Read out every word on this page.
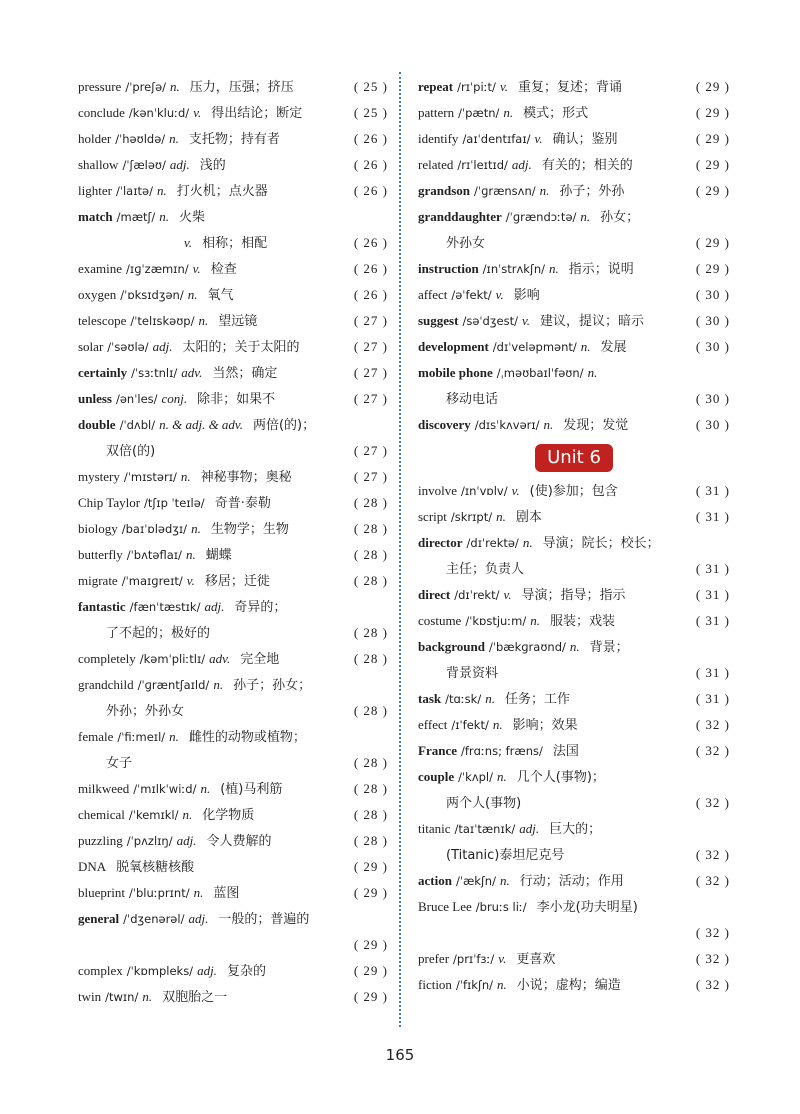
pressure /ˈpreʃə/ n. 压力，压强；挤压	( 25 )
conclude /kənˈkluːd/ v. 得出结论；断定	( 25 )
holder /ˈhəʊldə/ n. 支托物；持有者	( 26 )
shallow /ˈʃæləʊ/ adj. 浅的	( 26 )
lighter /ˈlaɪtə/ n. 打火机；点火器	( 26 )
match /mætʃ/ n. 火柴
v. 相称；相配	( 26 )
examine /ɪɡˈzæmɪn/ v. 检查	( 26 )
oxygen /ˈɒksɪdʒən/ n. 氧气	( 26 )
telescope /ˈtelɪskəʊp/ n. 望远镜	( 27 )
solar /ˈsəʊlə/ adj. 太阳的；关于太阳的	( 27 )
certainly /ˈsɜːtnlɪ/ adv. 当然；确定	( 27 )
unless /ənˈles/ conj. 除非；如果不	( 27 )
double /ˈdʌbl/ n. & adj. & adv. 两倍(的)；
双倍(的)	( 27 )
mystery /ˈmɪstərɪ/ n. 神秘事物；奥秘	( 27 )
Chip Taylor /tʃɪp ˈteɪlə/ 奇普·泰勒	( 28 )
biology /baɪˈɒlədʒɪ/ n. 生物学；生物	( 28 )
butterfly /ˈbʌtəflaɪ/ n. 蝴蝶	( 28 )
migrate /ˈmaɪɡreɪt/ v. 移居；迁徙	( 28 )
fantastic /fænˈtæstɪk/ adj. 奇异的；
了不起的；极好的	( 28 )
completely /kəmˈpliːtlɪ/ adv. 完全地	( 28 )
grandchild /ˈɡræntʃaɪld/ n. 孙子；孙女；
外孙；外孙女	( 28 )
female /ˈfiːmeɪl/ n. 雌性的动物或植物；
女子	( 28 )
milkweed /ˈmɪlkˈwiːd/ n. (植)马利筋	( 28 )
chemical /ˈkemɪkl/ n. 化学物质	( 28 )
puzzling /ˈpʌzlɪŋ/ adj. 令人费解的	( 28 )
DNA 脱氧核糖核酸	( 29 )
blueprint /ˈbluːprɪnt/ n. 蓝图	( 29 )
general /ˈdʒenərəl/ adj. 一般的；普遍的
( 29 )
complex /ˈkɒmpleks/ adj. 复杂的	( 29 )
twin /twɪn/ n. 双胞胎之一	( 29 )
repeat /rɪˈpiːt/ v. 重复；复述；背诵	( 29 )
pattern /ˈpætn/ n. 模式；形式	( 29 )
identify /aɪˈdentɪfaɪ/ v. 确认；鉴别	( 29 )
related /rɪˈleɪtɪd/ adj. 有关的；相关的	( 29 )
grandson /ˈɡrænsʌn/ n. 孙子；外孙	( 29 )
granddaughter /ˈɡrændɔːtə/ n. 孙女；
外孙女	( 29 )
instruction /ɪnˈstrʌkʃn/ n. 指示；说明	( 29 )
affect /əˈfekt/ v. 影响	( 30 )
suggest /səˈdʒest/ v. 建议，提议；暗示	( 30 )
development /dɪˈveləpmənt/ n. 发展	( 30 )
mobile phone /ˌməʊbaɪlˈfəʊn/ n.
移动电话	( 30 )
discovery /dɪsˈkʌvərɪ/ n. 发现；发觉	( 30 )
Unit 6
involve /ɪnˈvɒlv/ v. (使)参加；包含	( 31 )
script /skrɪpt/ n. 剧本	( 31 )
director /dɪˈrektə/ n. 导演；院长；校长；
主任；负责人	( 31 )
direct /dɪˈrekt/ v. 导演；指导；指示	( 31 )
costume /ˈkɒstjuːm/ n. 服装；戏装	( 31 )
background /ˈbækɡraʊnd/ n. 背景；
背景资料	( 31 )
task /tɑːsk/ n. 任务；工作	( 31 )
effect /ɪˈfekt/ n. 影响；效果	( 32 )
France /frɑːns; fræns/ 法国	( 32 )
couple /ˈkʌpl/ n. 几个人(事物)；
两个人(事物)	( 32 )
titanic /taɪˈtænɪk/ adj. 巨大的；
(Titanic)泰坦尼克号	( 32 )
action /ˈækʃn/ n. 行动；活动；作用	( 32 )
Bruce Lee /bruːs liː/ 李小龙(功夫明星)
( 32 )
prefer /prɪˈfɜː/ v. 更喜欢	( 32 )
fiction /ˈfɪkʃn/ n. 小说；虚构；编造	( 32 )
165
